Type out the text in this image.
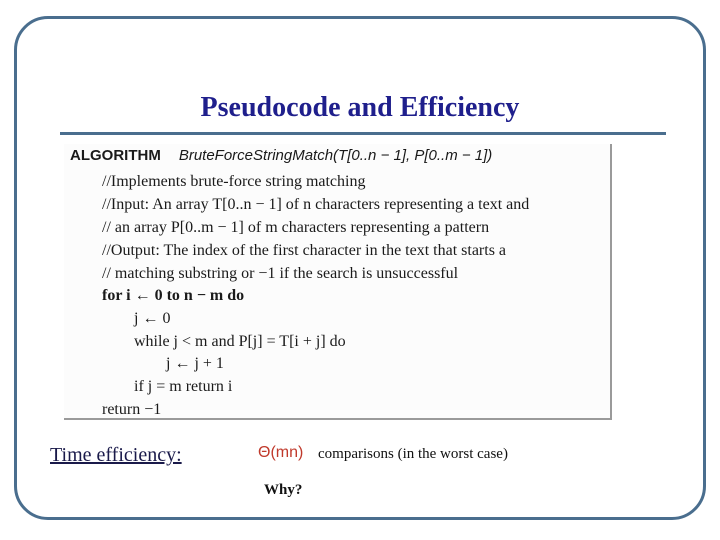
Pseudocode and Efficiency
ALGORITHM BruteForceStringMatch(T[0..n − 1], P[0..m − 1])
//Implements brute-force string matching
//Input: An array T[0..n − 1] of n characters representing a text and
// an array P[0..m − 1] of m characters representing a pattern
//Output: The index of the first character in the text that starts a
// matching substring or −1 if the search is unsuccessful
for i ← 0 to n − m do
j ← 0
while j < m and P[j] = T[i + j] do
j ← j + 1
if j = m return i
return −1
Time efficiency:	Θ(mn) comparisons (in the worst case)
Why?
